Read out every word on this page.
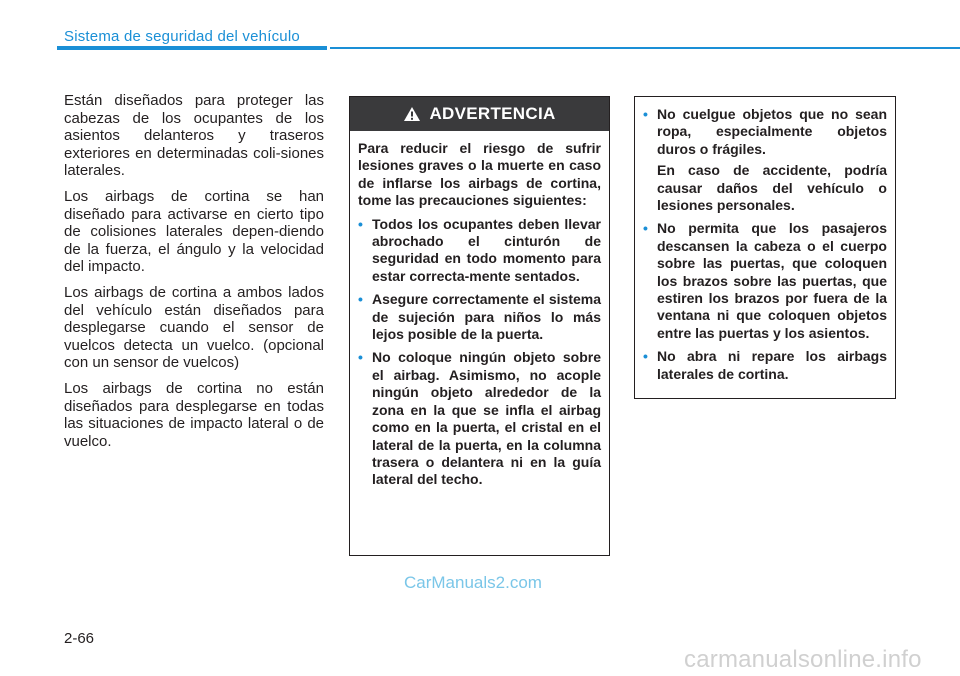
Sistema de seguridad del vehículo

Están diseñados para proteger las cabezas de los ocupantes de los asientos delanteros y traseros exteriores en determinadas coli-siones laterales.

Los airbags de cortina se han diseñado para activarse en cierto tipo de colisiones laterales depen-diendo de la fuerza, el ángulo y la velocidad del impacto.

Los airbags de cortina a ambos lados del vehículo están diseñados para desplegarse cuando el sensor de vuelcos detecta un vuelco. (opcional con un sensor de vuelcos)

Los airbags de cortina no están diseñados para desplegarse en todas las situaciones de impacto lateral o de vuelco.

ADVERTENCIA

Para reducir el riesgo de sufrir lesiones graves o la muerte en caso de inflarse los airbags de cortina, tome las precauciones siguientes:

• Todos los ocupantes deben llevar abrochado el cinturón de seguridad en todo momento para estar correcta-mente sentados.
• Asegure correctamente el sistema de sujeción para niños lo más lejos posible de la puerta.
• No coloque ningún objeto sobre el airbag. Asimismo, no acople ningún objeto alrededor de la zona en la que se infla el airbag como en la puerta, el cristal en el lateral de la puerta, en la columna trasera o delantera ni en la guía lateral del techo.
• No cuelgue objetos que no sean ropa, especialmente objetos duros o frágiles.

En caso de accidente, podría causar daños del vehículo o lesiones personales.

• No permita que los pasajeros descansen la cabeza o el cuerpo sobre las puertas, que coloquen los brazos sobre las puertas, que estiren los brazos por fuera de la ventana ni que coloquen objetos entre las puertas y los asientos.
• No abra ni repare los airbags laterales de cortina.
CarManuals2.com
2-66
carmanualsonline.info
